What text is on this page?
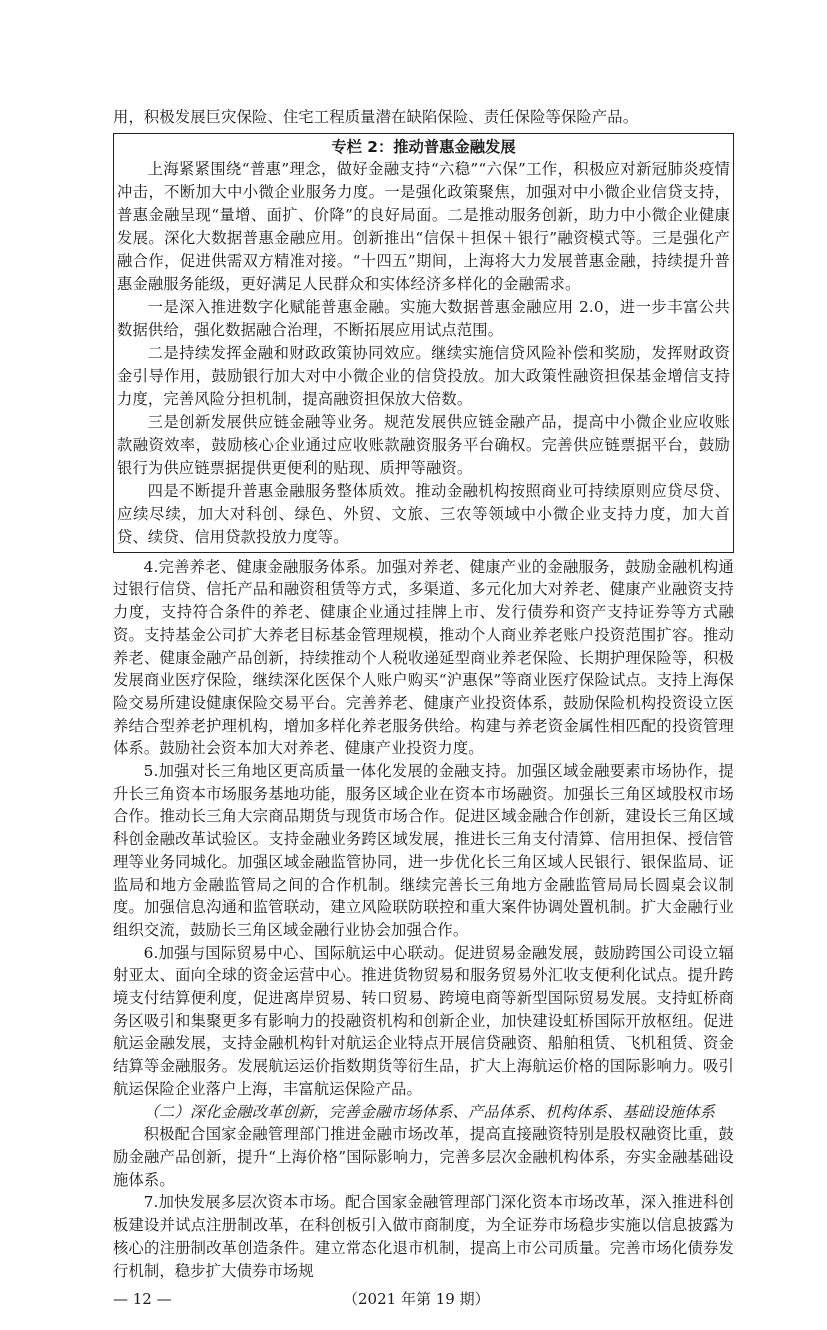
用，积极发展巨灾保险、住宅工程质量潜在缺陷保险、责任保险等保险产品。

专栏 2：推动普惠金融发展

上海紧紧围绕“普惠”理念，做好金融支持“六稳”“六保”工作，积极应对新冠肺炎疫情冲击，不断加大中小微企业服务力度。一是强化政策聚焦，加强对中小微企业信贷支持，普惠金融呈现“量增、面扩、价降”的良好局面。二是推动服务创新，助力中小微企业健康发展。深化大数据普惠金融应用。创新推出“信保＋担保＋银行”融资模式等。三是强化产融合作，促进供需双方精准对接。“十四五”期间，上海将大力发展普惠金融，持续提升普惠金融服务能级，更好满足人民群众和实体经济多样化的金融需求。

一是深入推进数字化赋能普惠金融。实施大数据普惠金融应用 2.0，进一步丰富公共数据供给，强化数据融合治理，不断拓展应用试点范围。

二是持续发挥金融和财政政策协同效应。继续实施信贷风险补偿和奖励，发挥财政资金引导作用，鼓励银行加大对中小微企业的信贷投放。加大政策性融资担保基金增信支持力度，完善风险分担机制，提高融资担保放大倍数。

三是创新发展供应链金融等业务。规范发展供应链金融产品，提高中小微企业应收账款融资效率，鼓励核心企业通过应收账款融资服务平台确权。完善供应链票据平台，鼓励银行为供应链票据提供更便利的贴现、质押等融资。

四是不断提升普惠金融服务整体质效。推动金融机构按照商业可持续原则应贷尽贷、应续尽续，加大对科创、绿色、外贸、文旅、三农等领域中小微企业支持力度，加大首贷、续贷、信用贷款投放力度等。

4.完善养老、健康金融服务体系。加强对养老、健康产业的金融服务，鼓励金融机构通过银行信贷、信托产品和融资租赁等方式，多渠道、多元化加大对养老、健康产业融资支持力度，支持符合条件的养老、健康企业通过挂牌上市、发行债券和资产支持证券等方式融资。支持基金公司扩大养老目标基金管理规模，推动个人商业养老账户投资范围扩容。推动养老、健康金融产品创新，持续推动个人税收递延型商业养老保险、长期护理保险等，积极发展商业医疗保险，继续深化医保个人账户购买“沪惠保”等商业医疗保险试点。支持上海保险交易所建设健康保险交易平台。完善养老、健康产业投资体系，鼓励保险机构投资设立医养结合型养老护理机构，增加多样化养老服务供给。构建与养老资金属性相匹配的投资管理体系。鼓励社会资本加大对养老、健康产业投资力度。

5.加强对长三角地区更高质量一体化发展的金融支持。加强区域金融要素市场协作，提升长三角资本市场服务基地功能，服务区域企业在资本市场融资。加强长三角区域股权市场合作。推动长三角大宗商品期货与现货市场合作。促进区域金融合作创新，建设长三角区域科创金融改革试验区。支持金融业务跨区域发展，推进长三角支付清算、信用担保、授信管理等业务同城化。加强区域金融监管协同，进一步优化长三角区域人民银行、银保监局、证监局和地方金融监管局之间的合作机制。继续完善长三角地方金融监管局局长圆桌会议制度。加强信息沟通和监管联动，建立风险联防联控和重大案件协调处置机制。扩大金融行业组织交流，鼓励长三角区域金融行业协会加强合作。

6.加强与国际贸易中心、国际航运中心联动。促进贸易金融发展，鼓励跨国公司设立辐射亚太、面向全球的资金运营中心。推进货物贸易和服务贸易外汇收支便利化试点。提升跨境支付结算便利度，促进离岸贸易、转口贸易、跨境电商等新型国际贸易发展。支持虹桥商务区吸引和集聚更多有影响力的投融资机构和创新企业，加快建设虹桥国际开放枢纽。促进航运金融发展，支持金融机构针对航运企业特点开展信贷融资、船舶租赁、飞机租赁、资金结算等金融服务。发展航运运价指数期货等衍生品，扩大上海航运价格的国际影响力。吸引航运保险企业落户上海，丰富航运保险产品。

（二）深化金融改革创新，完善金融市场体系、产品体系、机构体系、基础设施体系

积极配合国家金融管理部门推进金融市场改革，提高直接融资特别是股权融资比重，鼓励金融产品创新，提升“上海价格”国际影响力，完善多层次金融机构体系，夯实金融基础设施体系。

7.加快发展多层次资本市场。配合国家金融管理部门深化资本市场改革，深入推进科创板建设并试点注册制改革，在科创板引入做市商制度，为全证券市场稳步实施以信息披露为核心的注册制改革创造条件。建立常态化退市机制，提高上市公司质量。完善市场化债券发行机制，稳步扩大债券市场规

— 12 —	（2021 年第 19 期）
